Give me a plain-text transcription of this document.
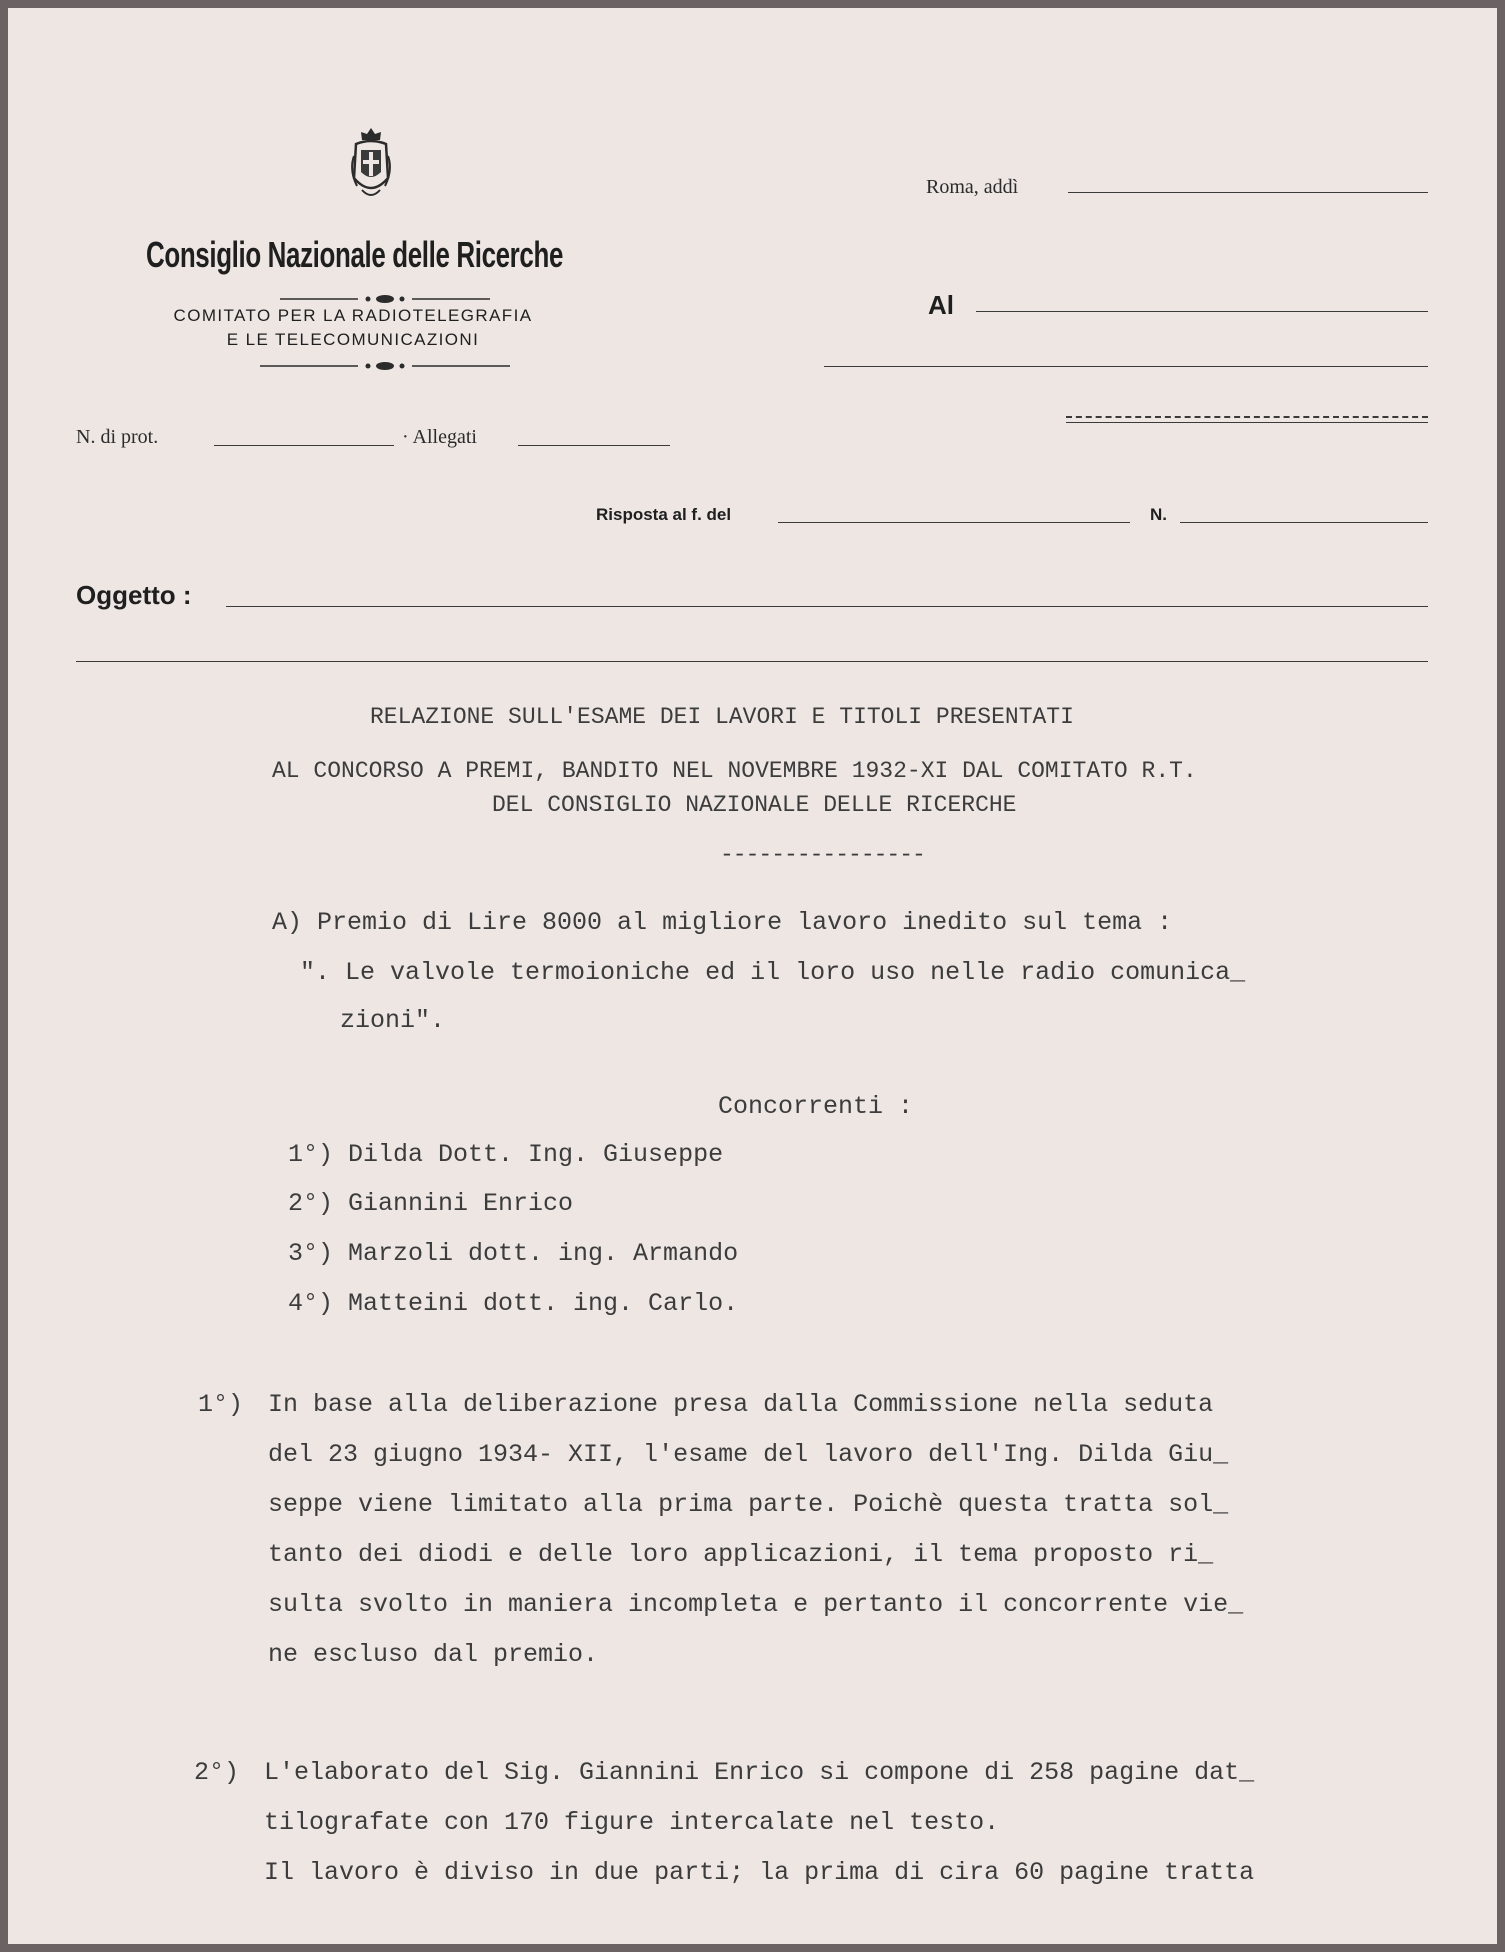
Consiglio Nazionale delle Ricerche
COMITATO PER LA RADIOTELEGRAFIA
E LE TELECOMUNICAZIONI
Roma, addì
Al
N. di prot.	· Allegati
Risposta al f. del	N.
Oggetto :
RELAZIONE SULL'ESAME DEI LAVORI E TITOLI PRESENTATI
AL CONCORSO A PREMI, BANDITO NEL NOVEMBRE 1932-XI DAL COMITATO R.T.
DEL CONSIGLIO NAZIONALE DELLE RICERCHE
----------------
A) Premio di Lire 8000 al migliore lavoro inedito sul tema :
". Le valvole termoioniche ed il loro uso nelle radio comunica_
zioni".
Concorrenti :
1°) Dilda Dott. Ing. Giuseppe
2°) Giannini Enrico
3°) Marzoli dott. ing. Armando
4°) Matteini dott. ing. Carlo.
1°) In base alla deliberazione presa dalla Commissione nella seduta
del 23 giugno 1934- XII, l'esame del lavoro dell'Ing. Dilda Giu_
seppe viene limitato alla prima parte. Poichè questa tratta sol_
tanto dei diodi e delle loro applicazioni, il tema proposto ri_
sulta svolto in maniera incompleta e pertanto il concorrente vie_
ne escluso dal premio.
2°) L'elaborato del Sig. Giannini Enrico si compone di 258 pagine dat_
tilografate con 170 figure intercalate nel testo.
Il lavoro è diviso in due parti; la prima di cira 60 pagine tratta
